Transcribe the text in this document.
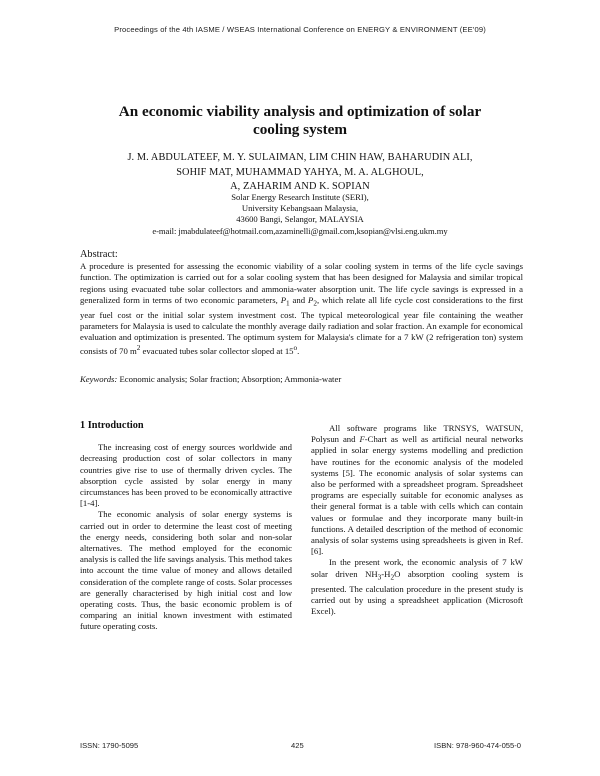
Proceedings of the 4th IASME / WSEAS International Conference on ENERGY & ENVIRONMENT (EE'09)
An economic viability analysis and optimization of solar cooling system
J. M. ABDULATEEF, M. Y. SULAIMAN, LIM CHIN HAW, BAHARUDIN ALI,
SOHIF MAT, MUHAMMAD YAHYA, M. A. ALGHOUL,
A, ZAHARIM AND K. SOPIAN
Solar Energy Research Institute (SERI),
University Kebangsaan Malaysia,
43600 Bangi, Selangor, MALAYSIA
e-mail: jmabdulateef@hotmail.com,azaminelli@gmail.com,ksopian@vlsi.eng.ukm.my
Abstract:
A procedure is presented for assessing the economic viability of a solar cooling system in terms of the life cycle savings function. The optimization is carried out for a solar cooling system that has been designed for Malaysia and similar tropical regions using evacuated tube solar collectors and ammonia-water absorption unit. The life cycle savings is expressed in a generalized form in terms of two economic parameters, $P_1$ and $P_2$, which relate all life cycle cost considerations to the first year fuel cost or the initial solar system investment cost. The typical meteorological year file containing the weather parameters for Malaysia is used to calculate the monthly average daily radiation and solar fraction. An example for economical evaluation and optimization is presented. The optimum system for Malaysia's climate for a 7 kW (2 refrigeration ton) system consists of 70 $m^2$ evacuated tubes solar collector sloped at 15$^o$.
Keywords: Economic analysis; Solar fraction; Absorption; Ammonia-water
1 Introduction

The increasing cost of energy sources worldwide and decreasing production cost of solar collectors in many countries give rise to use of thermally driven cycles. The absorption cycle assisted by solar energy in many circumstances has been proved to be economically attractive [1-4].

The economic analysis of solar energy systems is carried out in order to determine the least cost of meeting the energy needs, considering both solar and non-solar alternatives. The method employed for the economic analysis is called the life savings analysis. This method takes into account the time value of money and allows detailed consideration of the complete range of costs. Solar processes are generally characterised by high initial cost and low operating costs. Thus, the basic economic problem is of comparing an initial known investment with estimated future operating costs.

All software programs like TRNSYS, WATSUN, Polysun and F-Chart as well as artificial neural networks applied in solar energy systems modelling and prediction have routines for the economic analysis of the modeled systems [5]. The economic analysis of solar systems can also be performed with a spreadsheet program. Spreadsheet programs are especially suitable for economic analyses as their general format is a table with cells which can contain values or formulae and they incorporate many built-in functions. A detailed description of the method of economic analysis of solar systems using spreadsheets is given in Ref. [6].

In the present work, the economic analysis of 7 kW solar driven $NH_3-H_2O$ absorption cooling system is presented. The calculation procedure in the present study is carried out by using a spreadsheet application (Microsoft Excel).

ISSN: 1790-5095	425	ISBN: 978-960-474-055-0
